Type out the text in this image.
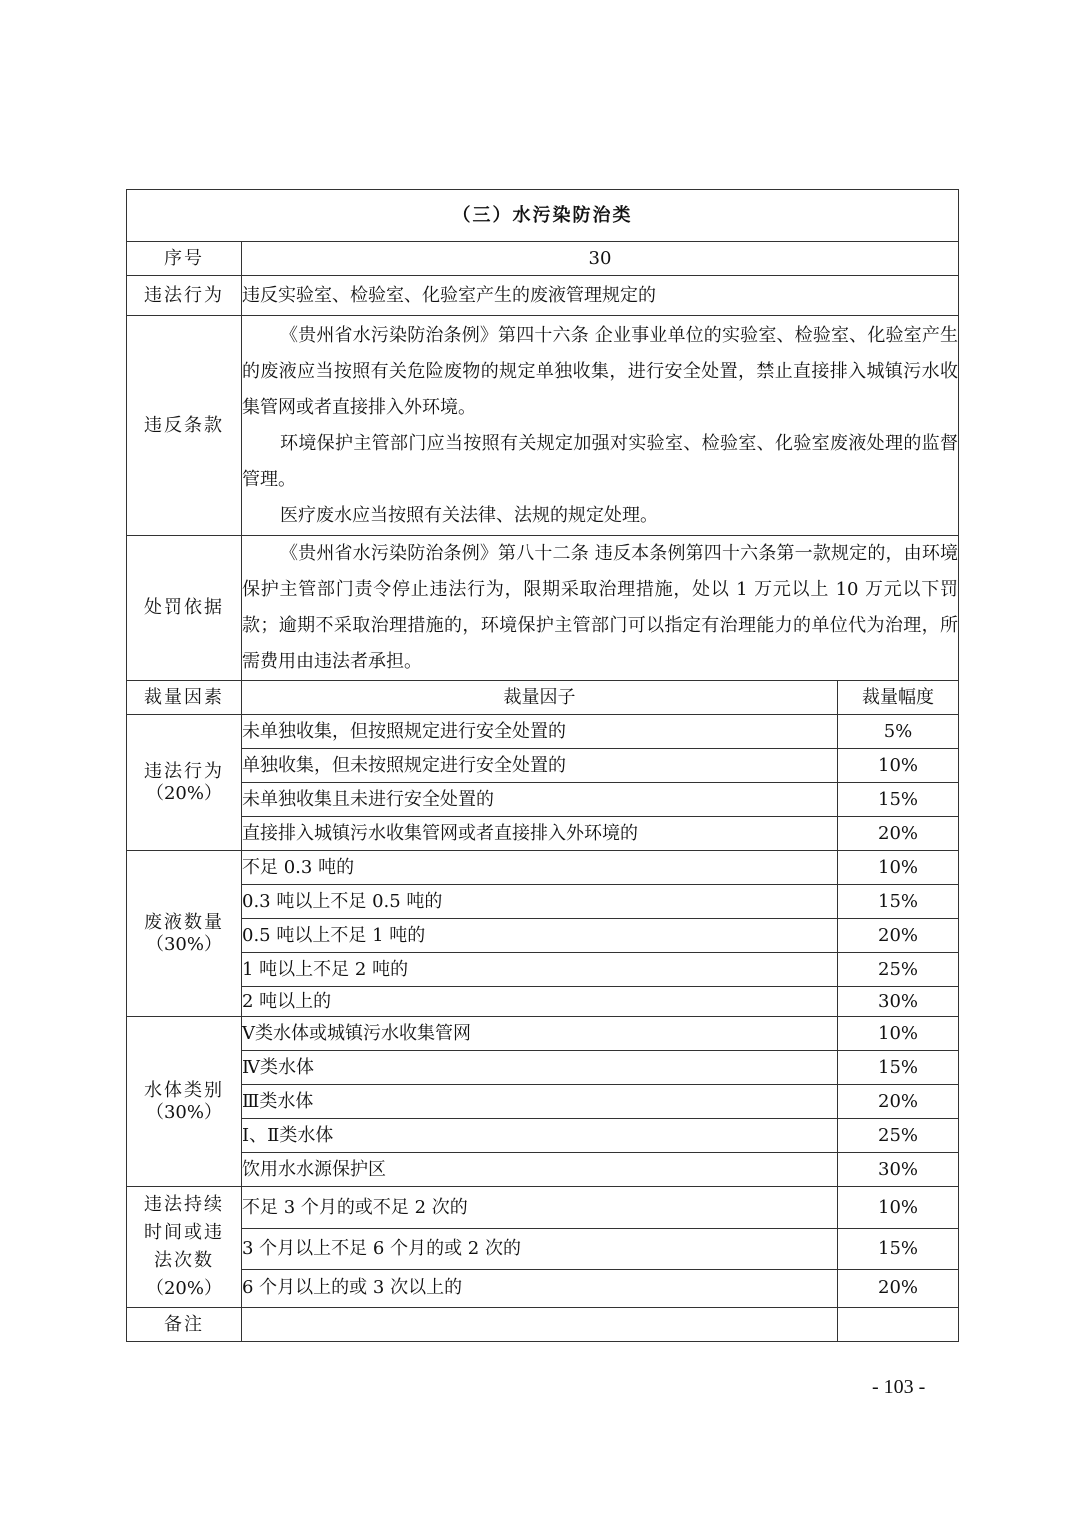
（三）水污染防治类		
序号	30	
违法行为	违反实验室、检验室、化验室产生的废液管理规定的	
违反条款	《贵州省水污染防治条例》第四十六条 企业事业单位的实验室、检验室、化验室产生的废液应当按照有关危险废物的规定单独收集，进行安全处置，禁止直接排入城镇污水收集管网或者直接排入外环境。

环境保护主管部门应当按照有关规定加强对实验室、检验室、化验室废液处理的监督管理。

医疗废水应当按照有关法律、法规的规定处理。	

处罚依据	《贵州省水污染防治条例》第八十二条 违反本条例第四十六条第一款规定的，由环境保护主管部门责令停止违法行为，限期采取治理措施，处以 1 万元以上 10 万元以下罚款；逾期不采取治理措施的，环境保护主管部门可以指定有治理能力的单位代为治理，所需费用由违法者承担。	

裁量因素	裁量因子	裁量幅度
违法行为
（20%）	未单独收集，但按照规定进行安全处置的	5%
	单独收集，但未按照规定进行安全处置的	10%
	未单独收集且未进行安全处置的	15%
	直接排入城镇污水收集管网或者直接排入外环境的	20%
废液数量
（30%）	不足 0.3 吨的	10%
	0.3 吨以上不足 0.5 吨的	15%
	0.5 吨以上不足 1 吨的	20%
	1 吨以上不足 2 吨的	25%
	2 吨以上的	30%
水体类别
（30%）	Ⅴ类水体或城镇污水收集管网	10%
	Ⅳ类水体	15%
	Ⅲ类水体	20%
	Ⅰ、Ⅱ类水体	25%
	饮用水水源保护区	30%
违法持续时间或违法次数
（20%）	不足 3 个月的或不足 2 次的	10%
	3 个月以上不足 6 个月的或 2 次的	15%
	6 个月以上的或 3 次以上的	20%
备注		
- 103 -
